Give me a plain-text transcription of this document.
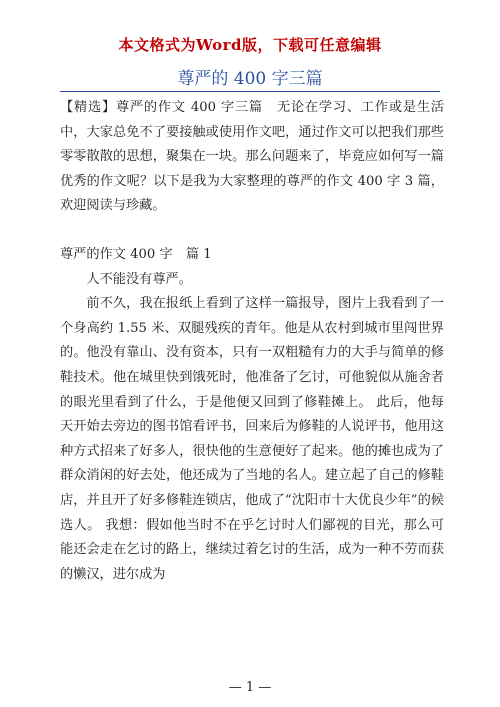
本文格式为Word版，下载可任意编辑
尊严的 400 字三篇

【精选】尊严的作文 400 字三篇　无论在学习、工作或是生活中，大家总免不了要接触或使用作文吧，通过作文可以把我们那些零零散散的思想，聚集在一块。那么问题来了，毕竟应如何写一篇优秀的作文呢？以下是我为大家整理的尊严的作文 400 字 3 篇，欢迎阅读与珍藏。

尊严的作文 400 字　篇 1

人不能没有尊严。

前不久，我在报纸上看到了这样一篇报导，图片上我看到了一个身高约 1.55 米、双腿残疾的青年。他是从农村到城市里闯世界的。他没有靠山、没有资本，只有一双粗糙有力的大手与简单的修鞋技术。他在城里快到饿死时，他准备了乞讨，可他貌似从施舍者的眼光里看到了什么，于是他便又回到了修鞋摊上。 此后，他每天开始去旁边的图书馆看评书，回来后为修鞋的人说评书，他用这种方式招来了好多人，很快他的生意便好了起来。他的摊也成为了群众消闲的好去处，他还成为了当地的名人。建立起了自己的修鞋店，并且开了好多修鞋连锁店，他成了“沈阳市十大优良少年”的候选人。 我想：假如他当时不在乎乞讨时人们鄙视的目光，那么可能还会走在乞讨的路上，继续过着乞讨的生活，成为一种不劳而获的懒汉，进尔成为

— 1 —
